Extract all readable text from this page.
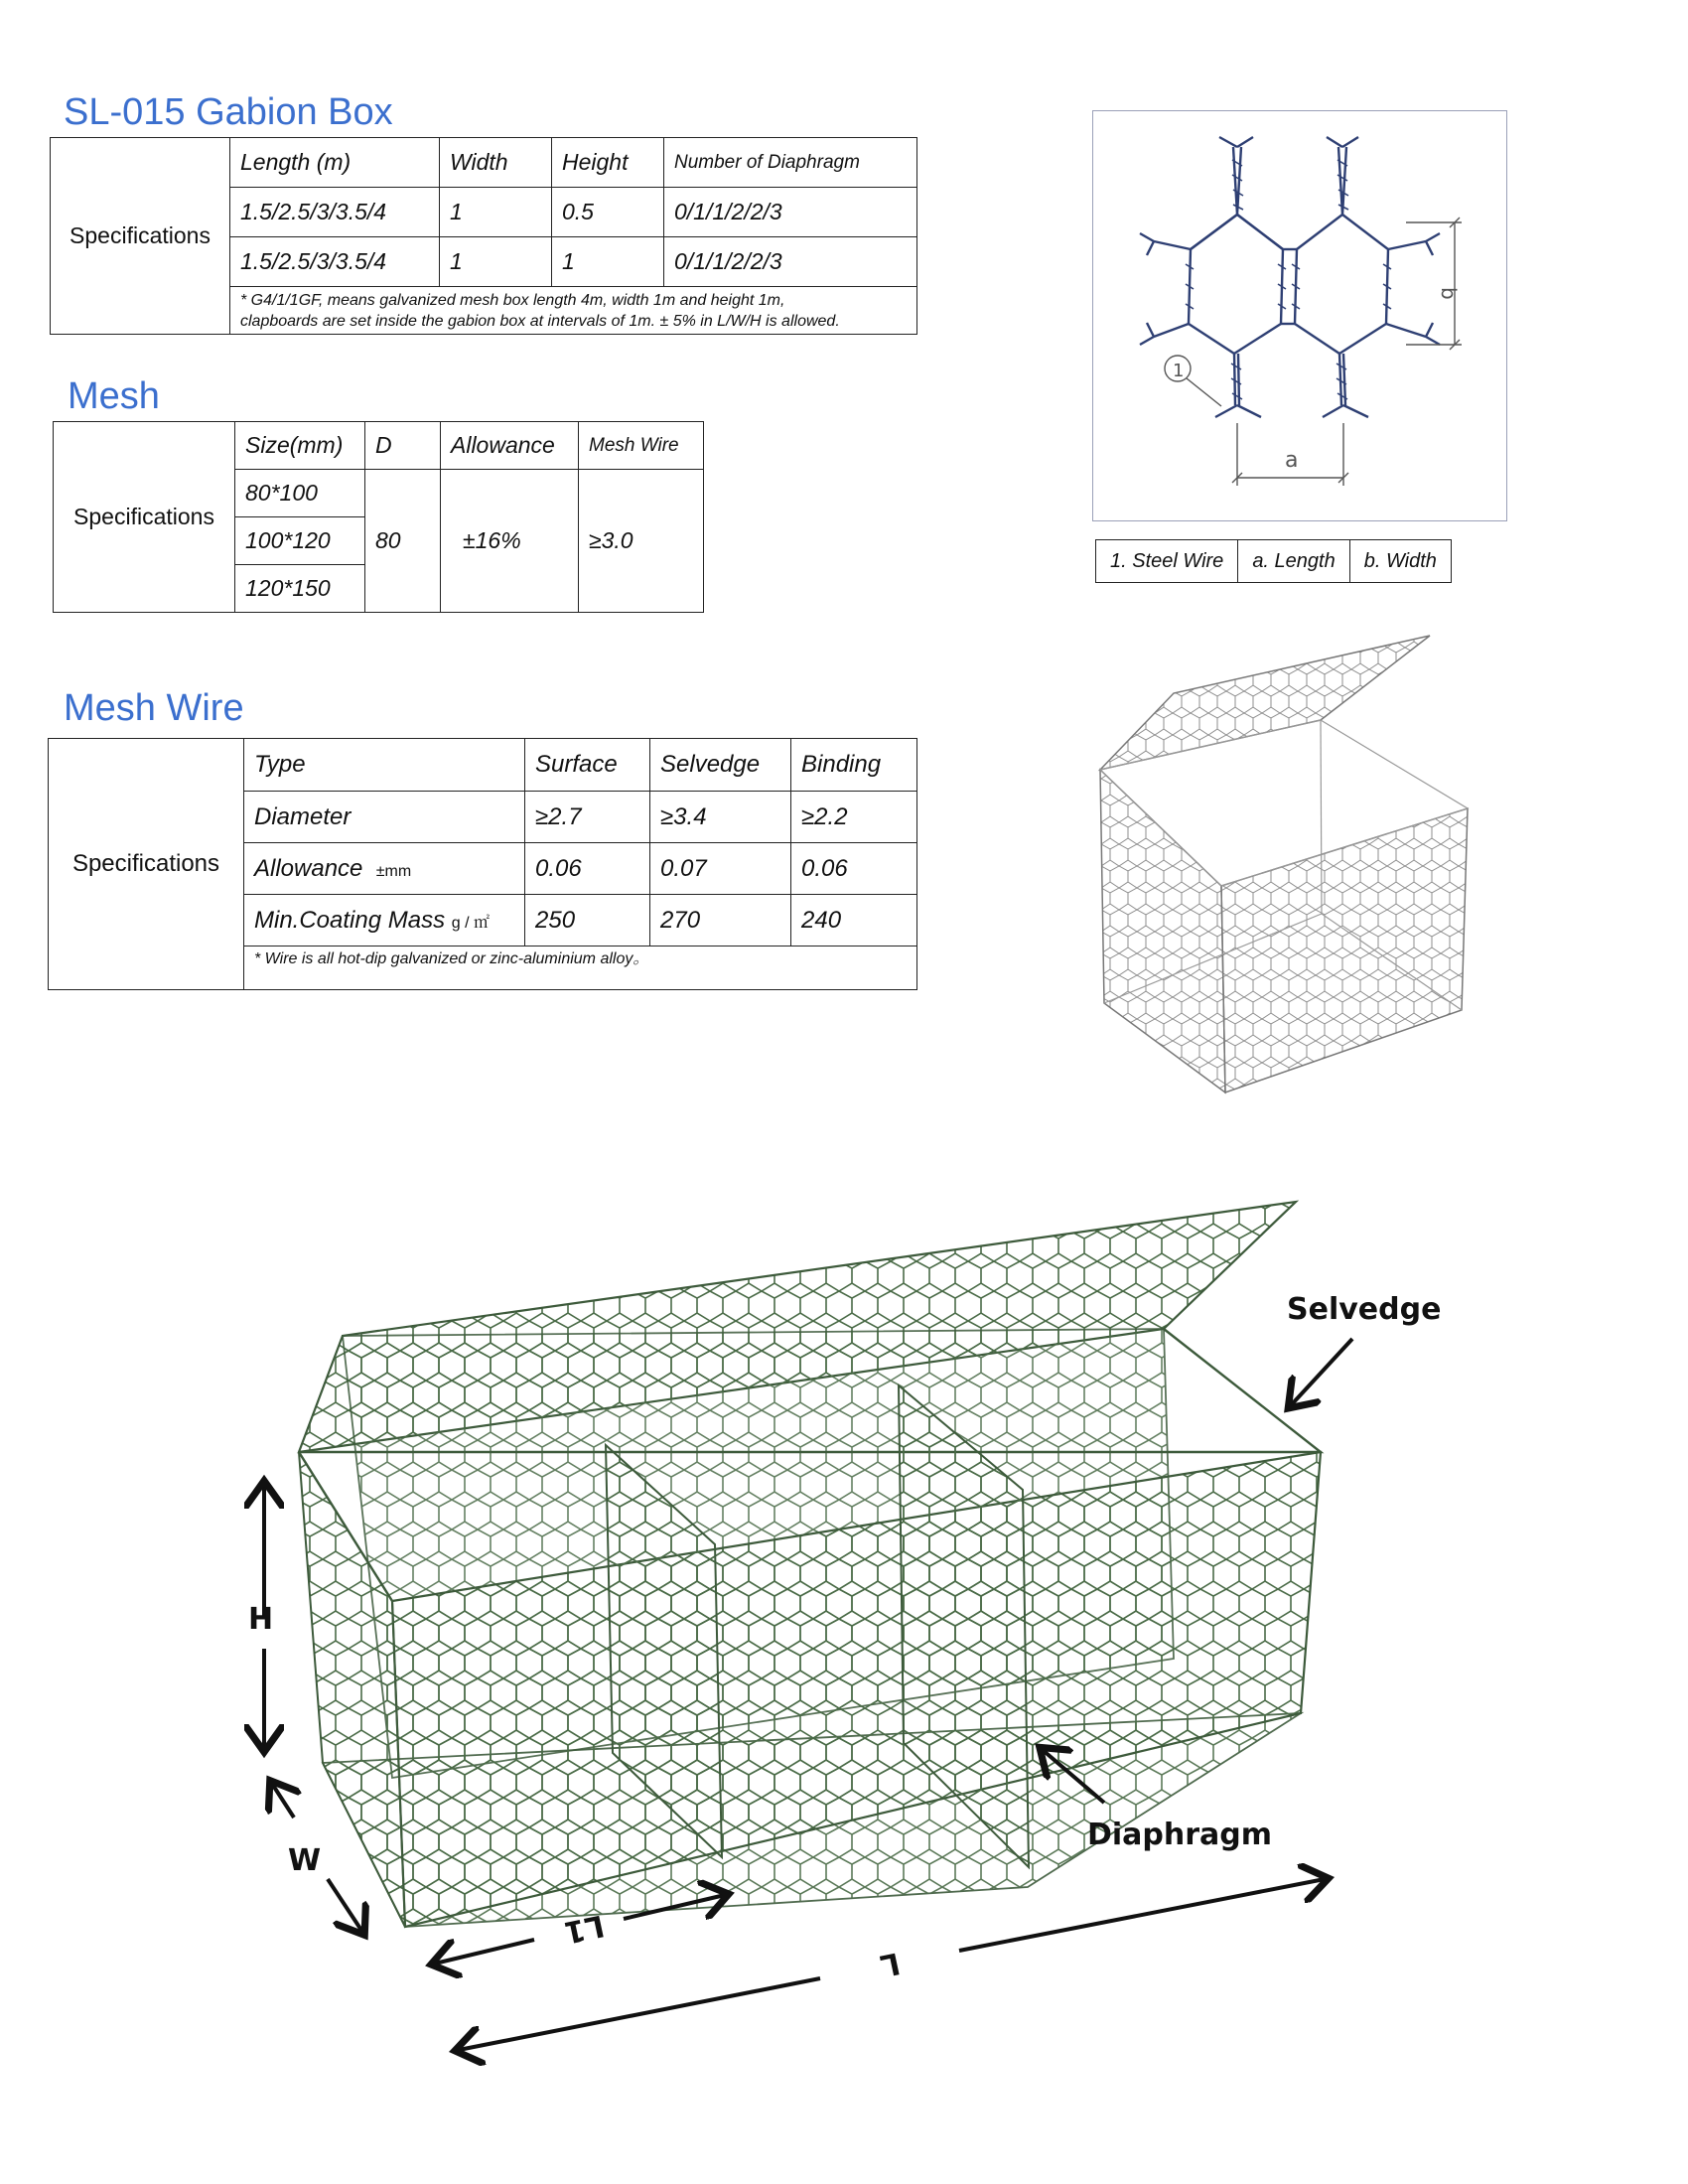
SL-015 Gabion Box
Specifications	Length (m)	Width	Height	Number of Diaphragm
	1.5/2.5/3/3.5/4	1	0.5	0/1/1/2/2/3
	1.5/2.5/3/3.5/4	1	1	0/1/1/2/2/3

	* G4/1/1GF, means galvanized mesh box length 4m, width 1m and height 1m,
clapboards are set inside the gabion box at intervals of 1m. ± 5% in L/W/H is allowed.			
Mesh
Specifications	Size(mm)	D	Allowance	Mesh Wire
	80*100	80	±16%	≥3.0
	100*120			
	120*150			
Mesh Wire
Specifications	Type	Surface	Selvedge	Binding
	Diameter	≥2.7	≥3.4	≥2.2
	Allowance ±mm	0.06	0.07	0.06
	Min.Coating Mass g / ㎡	250	270	240
	* Wire is all hot-dip galvanized or zinc-aluminium alloy。			
b
a
1
1. Steel Wire	a. Length	b. Width
Selvedge
Diaphragm
H
W
L1
L
